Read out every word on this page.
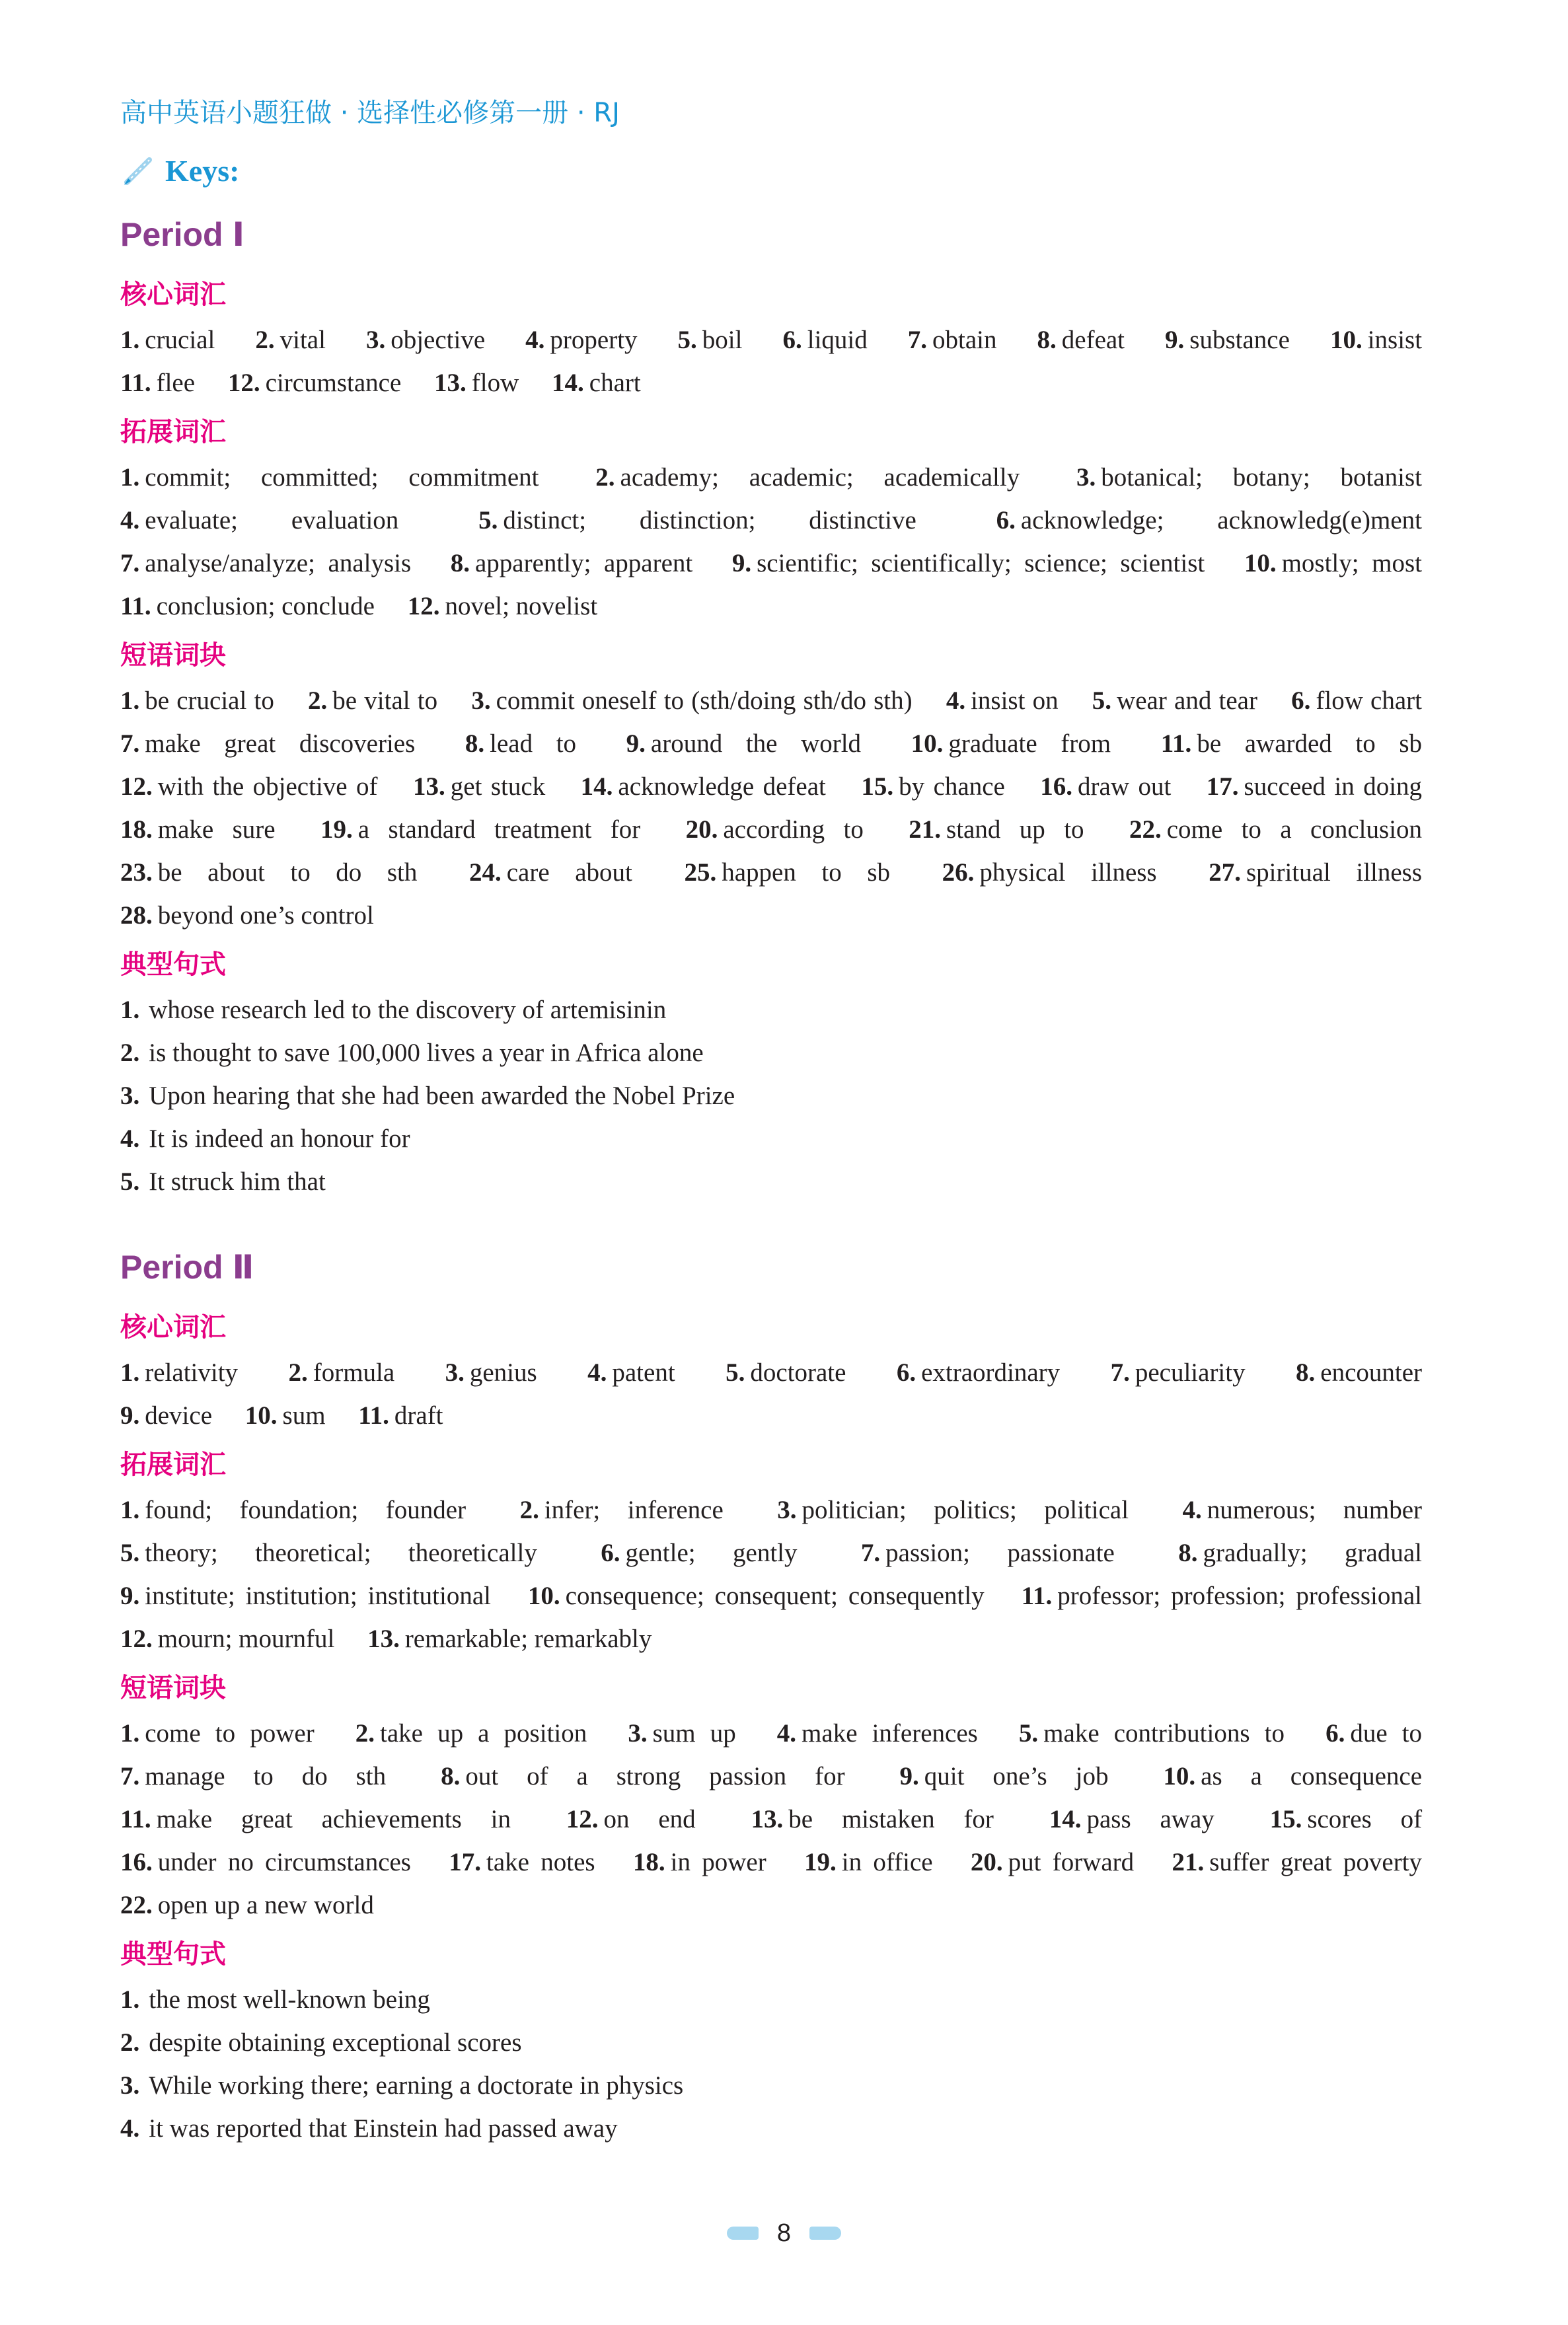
高中英语小题狂做 · 选择性必修第一册 · RJ
Keys:
Period Ⅰ
核心词汇
1. crucial 2. vital 3. objective 4. property 5. boil 6. liquid 7. obtain 8. defeat 9. substance 10. insist 11. flee 12. circumstance 13. flow 14. chart
拓展词汇
1. commit; committed; commitment 2. academy; academic; academically 3. botanical; botany; botanist 4. evaluate; evaluation	5. distinct; distinction; distinctive	6. acknowledge; acknowledg(e)ment 7. analyse/analyze; analysis 8. apparently; apparent 9. scientific; scientifically; science; scientist 10. mostly; most 11. conclusion; conclude 12. novel; novelist
短语词块
1. be crucial to 2. be vital to 3. commit oneself to (sth/doing sth/do sth) 4. insist on 5. wear and tear 6. flow chart 7. make great discoveries 8. lead to 9. around the world 10. graduate from 11. be awarded to sb 12. with the objective of 13. get stuck 14. acknowledge defeat 15. by chance 16. draw out 17. succeed in doing 18. make sure 19. a standard treatment for 20. according to 21. stand up to 22. come to a conclusion 23. be about to do sth 24. care about 25. happen to sb 26. physical illness 27. spiritual illness 28. beyond one’s control
典型句式
1. whose research led to the discovery of artemisinin
2. is thought to save 100,000 lives a year in Africa alone
3. Upon hearing that she had been awarded the Nobel Prize
4. It is indeed an honour for
5. It struck him that
Period Ⅱ
核心词汇
1. relativity 2. formula 3. genius 4. patent 5. doctorate 6. extraordinary 7. peculiarity 8. encounter 9. device 10. sum 11. draft
拓展词汇
1. found; foundation; founder 2. infer; inference 3. politician; politics; political 4. numerous; number 5. theory; theoretical; theoretically 6. gentle; gently 7. passion; passionate 8. gradually; gradual 9. institute; institution; institutional 10. consequence; consequent; consequently 11. professor; profession; professional 12. mourn; mournful 13. remarkable; remarkably
短语词块
1. come to power 2. take up a position 3. sum up 4. make inferences 5. make contributions to 6. due to 7. manage to do sth 8. out of a strong passion for 9. quit one’s job 10. as a consequence 11. make great achievements in 12. on end 13. be mistaken for 14. pass away 15. scores of 16. under no circumstances 17. take notes 18. in power 19. in office 20. put forward 21. suffer great poverty 22. open up a new world
典型句式
1. the most well-known being
2. despite obtaining exceptional scores
3. While working there; earning a doctorate in physics
4. it was reported that Einstein had passed away
8
